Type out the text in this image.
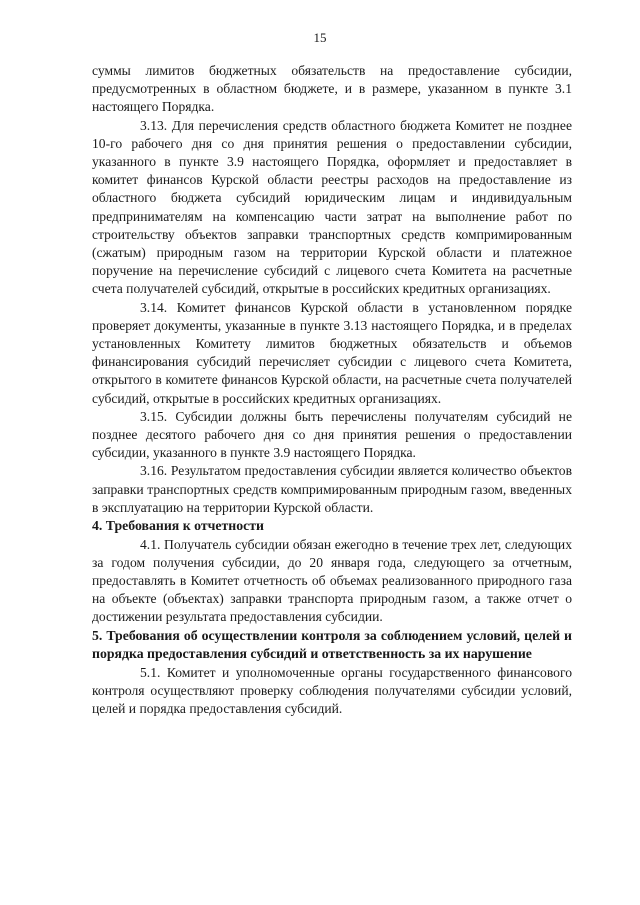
15

суммы лимитов бюджетных обязательств на предоставление субсидии, предусмотренных в областном бюджете, и в размере, указанном в пункте 3.1 настоящего Порядка.

3.13. Для перечисления средств областного бюджета Комитет не позднее 10-го рабочего дня со дня принятия решения о предоставлении субсидии, указанного в пункте 3.9 настоящего Порядка, оформляет и предоставляет в комитет финансов Курской области реестры расходов на предоставление из областного бюджета субсидий юридическим лицам и индивидуальным предпринимателям на компенсацию части затрат на выполнение работ по строительству объектов заправки транспортных средств компримированным (сжатым) природным газом на территории Курской области и платежное поручение на перечисление субсидий с лицевого счета Комитета на расчетные счета получателей субсидий, открытые в российских кредитных организациях.

3.14. Комитет финансов Курской области в установленном порядке проверяет документы, указанные в пункте 3.13 настоящего Порядка, и в пределах установленных Комитету лимитов бюджетных обязательств и объемов финансирования субсидий перечисляет субсидии с лицевого счета Комитета, открытого в комитете финансов Курской области, на расчетные счета получателей субсидий, открытые в российских кредитных организациях.

3.15. Субсидии должны быть перечислены получателям субсидий не позднее десятого рабочего дня со дня принятия решения о предоставлении субсидии, указанного в пункте 3.9 настоящего Порядка.

3.16. Результатом предоставления субсидии является количество объектов заправки транспортных средств компримированным природным газом, введенных в эксплуатацию на территории Курской области.

4. Требования к отчетности

4.1. Получатель субсидии обязан ежегодно в течение трех лет, следующих за годом получения субсидии, до 20 января года, следующего за отчетным, предоставлять в Комитет отчетность об объемах реализованного природного газа на объекте (объектах) заправки транспорта природным газом, а также отчет о достижении результата предоставления субсидии.

5. Требования об осуществлении контроля за соблюдением условий, целей и порядка предоставления субсидий и ответственность за их нарушение

5.1. Комитет и уполномоченные органы государственного финансового контроля осуществляют проверку соблюдения получателями субсидии условий, целей и порядка предоставления субсидий.
